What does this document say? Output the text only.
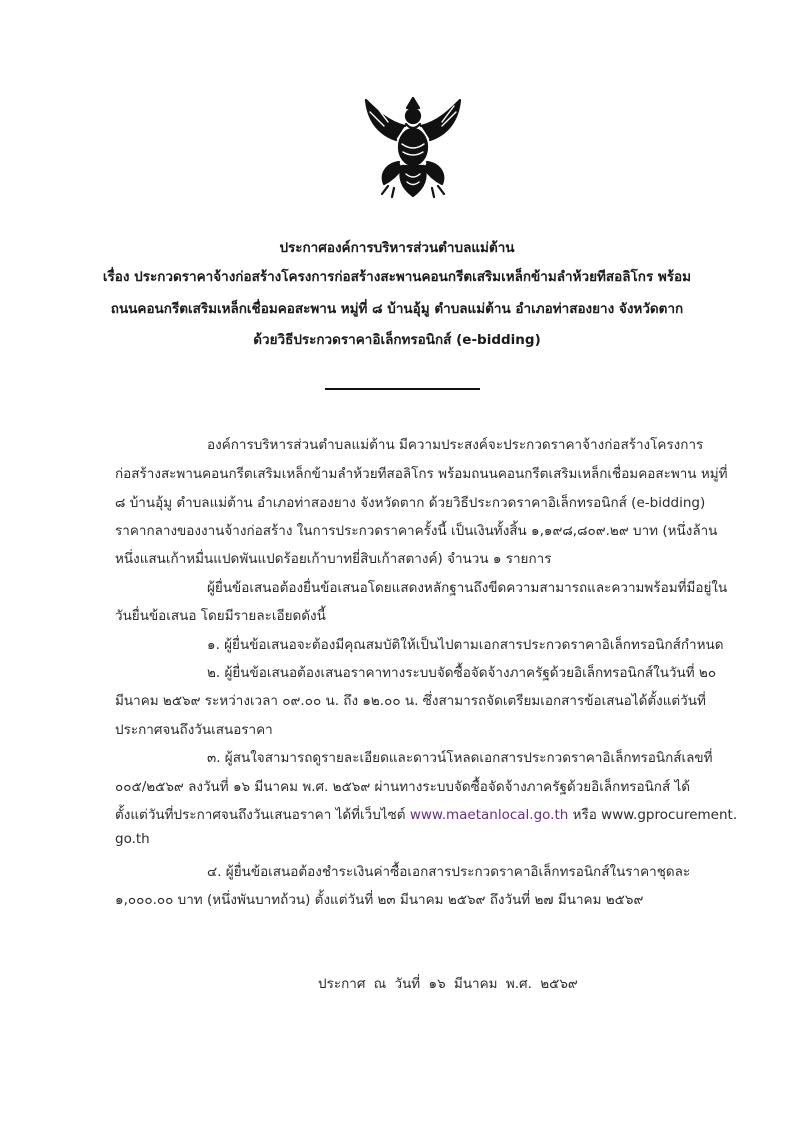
ประกาศองค์การบริหารส่วนตำบลแม่ต้าน
เรื่อง ประกวดราคาจ้างก่อสร้างโครงการก่อสร้างสะพานคอนกรีตเสริมเหล็กข้ามลำห้วยทีสอลิโกร พร้อม
ถนนคอนกรีตเสริมเหล็กเชื่อมคอสะพาน หมู่ที่ ๘ บ้านอุ้มู ตำบลแม่ต้าน อำเภอท่าสองยาง จังหวัดตาก
ด้วยวิธีประกวดราคาอิเล็กทรอนิกส์ (e-bidding)
องค์การบริหารส่วนตำบลแม่ต้าน มีความประสงค์จะประกวดราคาจ้างก่อสร้างโครงการ
ก่อสร้างสะพานคอนกรีตเสริมเหล็กข้ามลำห้วยทีสอลิโกร พร้อมถนนคอนกรีตเสริมเหล็กเชื่อมคอสะพาน หมู่ที่
๘ บ้านอุ้มู ตำบลแม่ต้าน อำเภอท่าสองยาง จังหวัดตาก ด้วยวิธีประกวดราคาอิเล็กทรอนิกส์ (e-bidding)
ราคากลางของงานจ้างก่อสร้าง ในการประกวดราคาครั้งนี้ เป็นเงินทั้งสิ้น ๑,๑๙๘,๘๐๙.๒๙ บาท (หนึ่งล้าน
หนึ่งแสนเก้าหมื่นแปดพันแปดร้อยเก้าบาทยี่สิบเก้าสตางค์) จำนวน ๑ รายการ
ผู้ยื่นข้อเสนอต้องยื่นข้อเสนอโดยแสดงหลักฐานถึงขีดความสามารถและความพร้อมที่มีอยู่ใน
วันยื่นข้อเสนอ โดยมีรายละเอียดดังนี้
๑. ผู้ยื่นข้อเสนอจะต้องมีคุณสมบัติให้เป็นไปตามเอกสารประกวดราคาอิเล็กทรอนิกส์กำหนด
๒. ผู้ยื่นข้อเสนอต้องเสนอราคาทางระบบจัดซื้อจัดจ้างภาครัฐด้วยอิเล็กทรอนิกส์ในวันที่ ๒๐
มีนาคม ๒๕๖๙ ระหว่างเวลา ๐๙.๐๐ น. ถึง ๑๒.๐๐ น. ซึ่งสามารถจัดเตรียมเอกสารข้อเสนอได้ตั้งแต่วันที่
ประกาศจนถึงวันเสนอราคา
๓. ผู้สนใจสามารถดูรายละเอียดและดาวน์โหลดเอกสารประกวดราคาอิเล็กทรอนิกส์เลขที่
๐๐๕/๒๕๖๙ ลงวันที่ ๑๖ มีนาคม พ.ศ. ๒๕๖๙ ผ่านทางระบบจัดซื้อจัดจ้างภาครัฐด้วยอิเล็กทรอนิกส์ ได้
ตั้งแต่วันที่ประกาศจนถึงวันเสนอราคา ได้ที่เว็บไซต์ www.maetanlocal.go.th หรือ www.gprocurement.
go.th
๔. ผู้ยื่นข้อเสนอต้องชำระเงินค่าซื้อเอกสารประกวดราคาอิเล็กทรอนิกส์ในราคาชุดละ
๑,๐๐๐.๐๐ บาท (หนึ่งพันบาทถ้วน) ตั้งแต่วันที่ ๒๓ มีนาคม ๒๕๖๙ ถึงวันที่ ๒๗ มีนาคม ๒๕๖๙
ประกาศ ณ วันที่ ๑๖ มีนาคม พ.ศ. ๒๕๖๙
